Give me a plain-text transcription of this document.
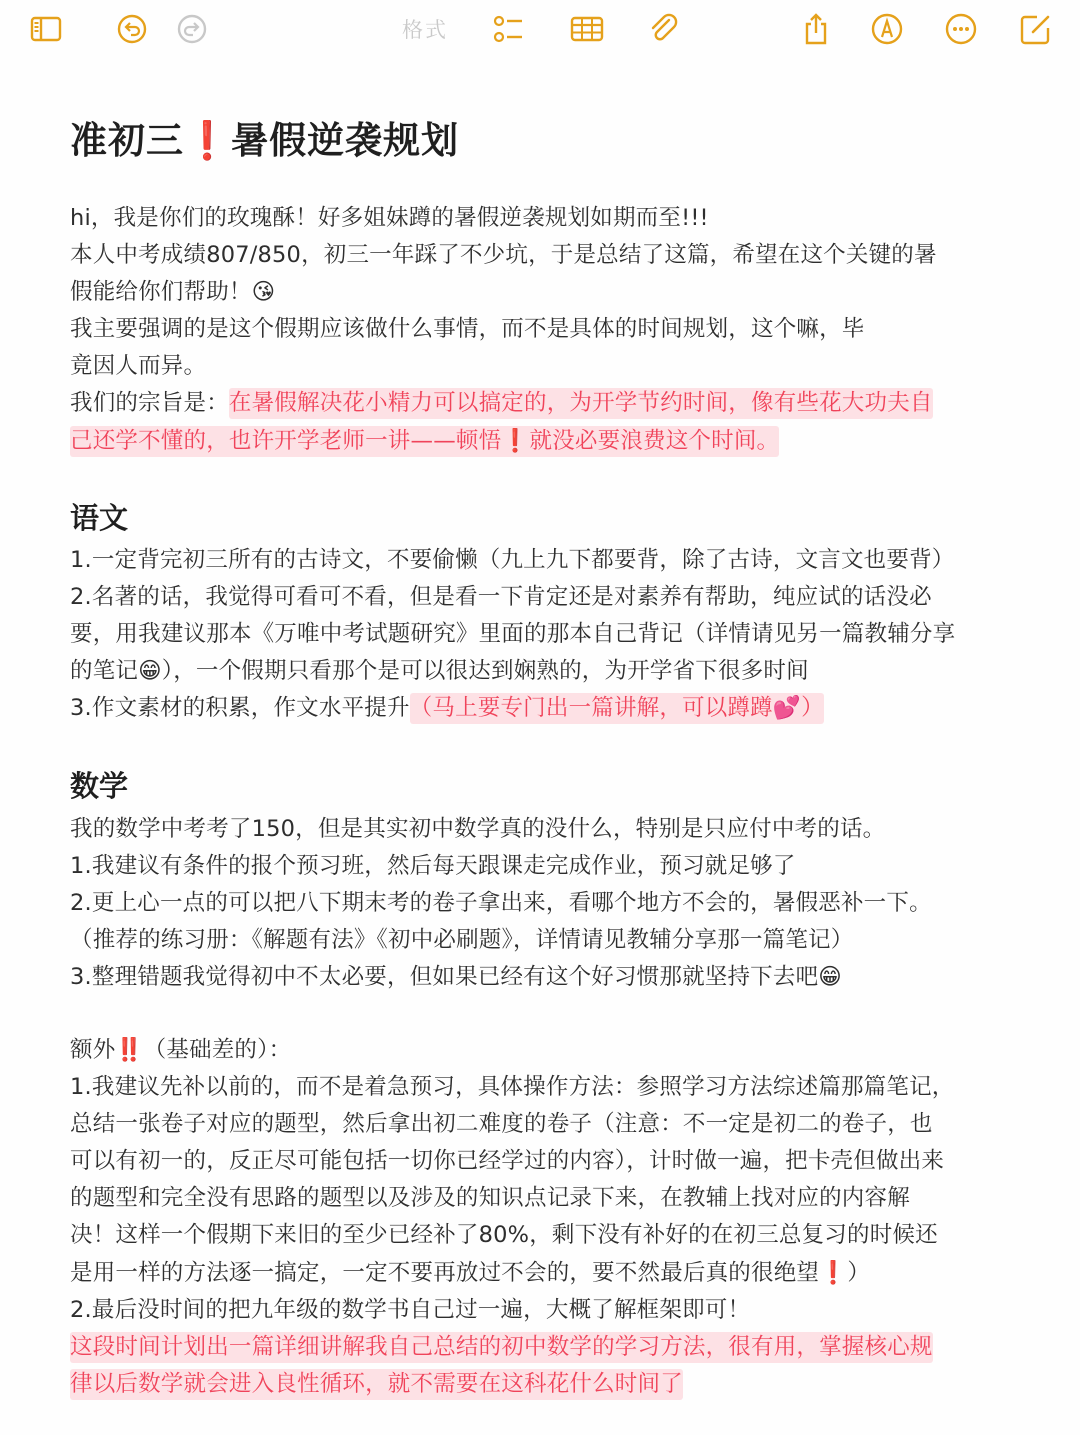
格式
准初三❗️暑假逆袭规划
hi，我是你们的玫瑰酥！好多姐妹蹲的暑假逆袭规划如期而至!!!
本人中考成绩807/850，初三一年踩了不少坑，于是总结了这篇，希望在这个关键的暑
假能给你们帮助！😘
我主要强调的是这个假期应该做什么事情，而不是具体的时间规划，这个嘛，毕
竟因人而异。
我们的宗旨是：在暑假解决花小精力可以搞定的，为开学节约时间，像有些花大功夫自
己还学不懂的，也许开学老师一讲——顿悟❗️就没必要浪费这个时间。
语文
1.一定背完初三所有的古诗文，不要偷懒（九上九下都要背，除了古诗，文言文也要背）
2.名著的话，我觉得可看可不看，但是看一下肯定还是对素养有帮助，纯应试的话没必
要，用我建议那本《万唯中考试题研究》里面的那本自己背记（详情请见另一篇教辅分享
的笔记😁），一个假期只看那个是可以很达到娴熟的，为开学省下很多时间
3.作文素材的积累，作文水平提升（马上要专门出一篇讲解，可以蹲蹲💕）
数学
我的数学中考考了150，但是其实初中数学真的没什么，特别是只应付中考的话。
1.我建议有条件的报个预习班，然后每天跟课走完成作业，预习就足够了
2.更上心一点的可以把八下期末考的卷子拿出来，看哪个地方不会的，暑假恶补一下。
（推荐的练习册：《解题有法》《初中必刷题》，详情请见教辅分享那一篇笔记）
3.整理错题我觉得初中不太必要，但如果已经有这个好习惯那就坚持下去吧😁
额外‼️（基础差的）：
1.我建议先补以前的，而不是着急预习，具体操作方法：参照学习方法综述篇那篇笔记，
总结一张卷子对应的题型，然后拿出初二难度的卷子（注意：不一定是初二的卷子，也
可以有初一的，反正尽可能包括一切你已经学过的内容），计时做一遍，把卡壳但做出来
的题型和完全没有思路的题型以及涉及的知识点记录下来，在教辅上找对应的内容解
决！这样一个假期下来旧的至少已经补了80%，剩下没有补好的在初三总复习的时候还
是用一样的方法逐一搞定，一定不要再放过不会的，要不然最后真的很绝望❗️）
2.最后没时间的把九年级的数学书自己过一遍，大概了解框架即可！
这段时间计划出一篇详细讲解我自己总结的初中数学的学习方法，很有用，掌握核心规
律以后数学就会进入良性循环，就不需要在这科花什么时间了
